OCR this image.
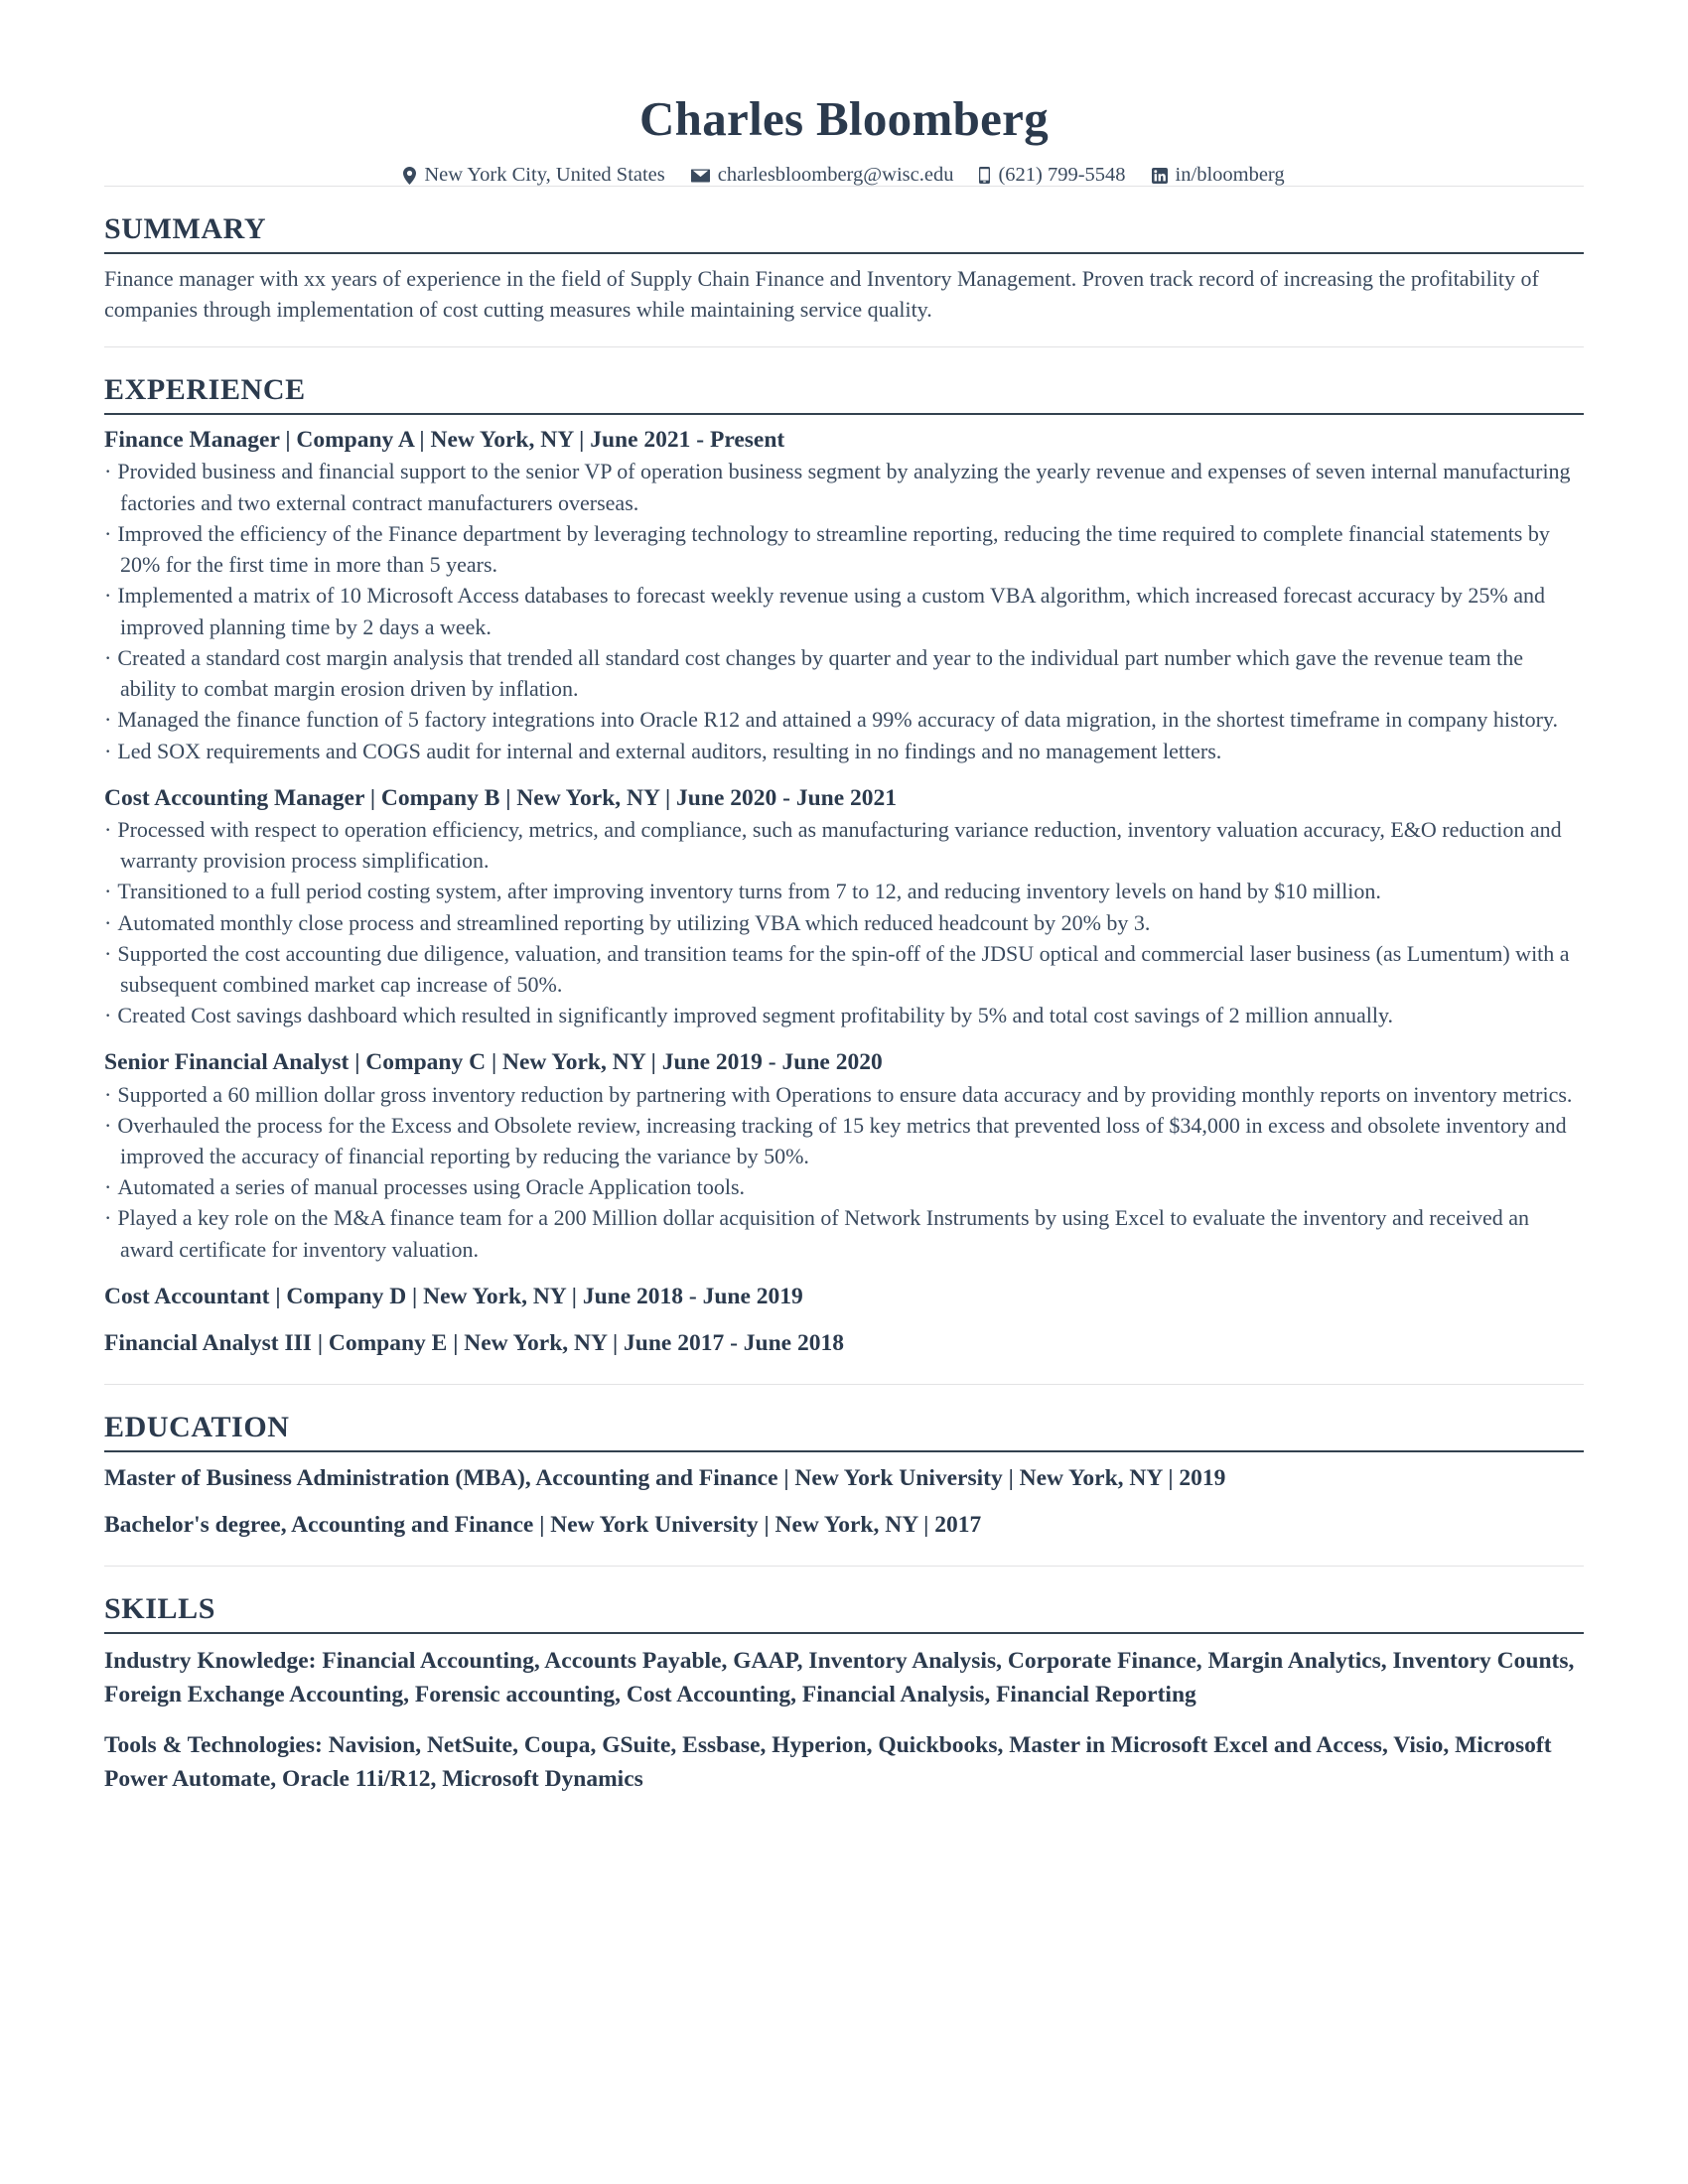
Charles Bloomberg
New York City, United States	charlesbloomberg@wisc.edu (621) 799-5548 in/bloomberg
SUMMARY

Finance manager with xx years of experience in the field of Supply Chain Finance and Inventory Management. Proven track record of increasing the profitability of companies through implementation of cost cutting measures while maintaining service quality.

EXPERIENCE
Finance Manager | Company A | New York, NY | June 2021 - Present

· Provided business and financial support to the senior VP of operation business segment by analyzing the yearly revenue and expenses of seven internal manufacturing factories and two external contract manufacturers overseas.

· Improved the efficiency of the Finance department by leveraging technology to streamline reporting, reducing the time required to complete financial statements by 20% for the first time in more than 5 years.

· Implemented a matrix of 10 Microsoft Access databases to forecast weekly revenue using a custom VBA algorithm, which increased forecast accuracy by 25% and improved planning time by 2 days a week.

· Created a standard cost margin analysis that trended all standard cost changes by quarter and year to the individual part number which gave the revenue team the ability to combat margin erosion driven by inflation.

· Managed the finance function of 5 factory integrations into Oracle R12 and attained a 99% accuracy of data migration, in the shortest timeframe in company history.

· Led SOX requirements and COGS audit for internal and external auditors, resulting in no findings and no management letters.

Cost Accounting Manager | Company B | New York, NY | June 2020 - June 2021

· Processed with respect to operation efficiency, metrics, and compliance, such as manufacturing variance reduction, inventory valuation accuracy, E&O reduction and warranty provision process simplification.

· Transitioned to a full period costing system, after improving inventory turns from 7 to 12, and reducing inventory levels on hand by $10 million.

· Automated monthly close process and streamlined reporting by utilizing VBA which reduced headcount by 20% by 3.

· Supported the cost accounting due diligence, valuation, and transition teams for the spin-off of the JDSU optical and commercial laser business (as Lumentum) with a subsequent combined market cap increase of 50%.

· Created Cost savings dashboard which resulted in significantly improved segment profitability by 5% and total cost savings of 2 million annually.

Senior Financial Analyst | Company C | New York, NY | June 2019 - June 2020

· Supported a 60 million dollar gross inventory reduction by partnering with Operations to ensure data accuracy and by providing monthly reports on inventory metrics.

· Overhauled the process for the Excess and Obsolete review, increasing tracking of 15 key metrics that prevented loss of $34,000 in excess and obsolete inventory and improved the accuracy of financial reporting by reducing the variance by 50%.

· Automated a series of manual processes using Oracle Application tools.

· Played a key role on the M&A finance team for a 200 Million dollar acquisition of Network Instruments by using Excel to evaluate the inventory and received an award certificate for inventory valuation.

Cost Accountant | Company D | New York, NY | June 2018 - June 2019
Financial Analyst III | Company E | New York, NY | June 2017 - June 2018
EDUCATION
Master of Business Administration (MBA), Accounting and Finance | New York University | New York, NY | 2019
Bachelor's degree, Accounting and Finance | New York University | New York, NY | 2017
SKILLS
Industry Knowledge: Financial Accounting, Accounts Payable, GAAP, Inventory Analysis, Corporate Finance, Margin Analytics, Inventory Counts, Foreign Exchange Accounting, Forensic accounting, Cost Accounting, Financial Analysis, Financial Reporting
Tools & Technologies: Navision, NetSuite, Coupa, GSuite, Essbase, Hyperion, Quickbooks, Master in Microsoft Excel and Access, Visio, Microsoft Power Automate, Oracle 11i/R12, Microsoft Dynamics
